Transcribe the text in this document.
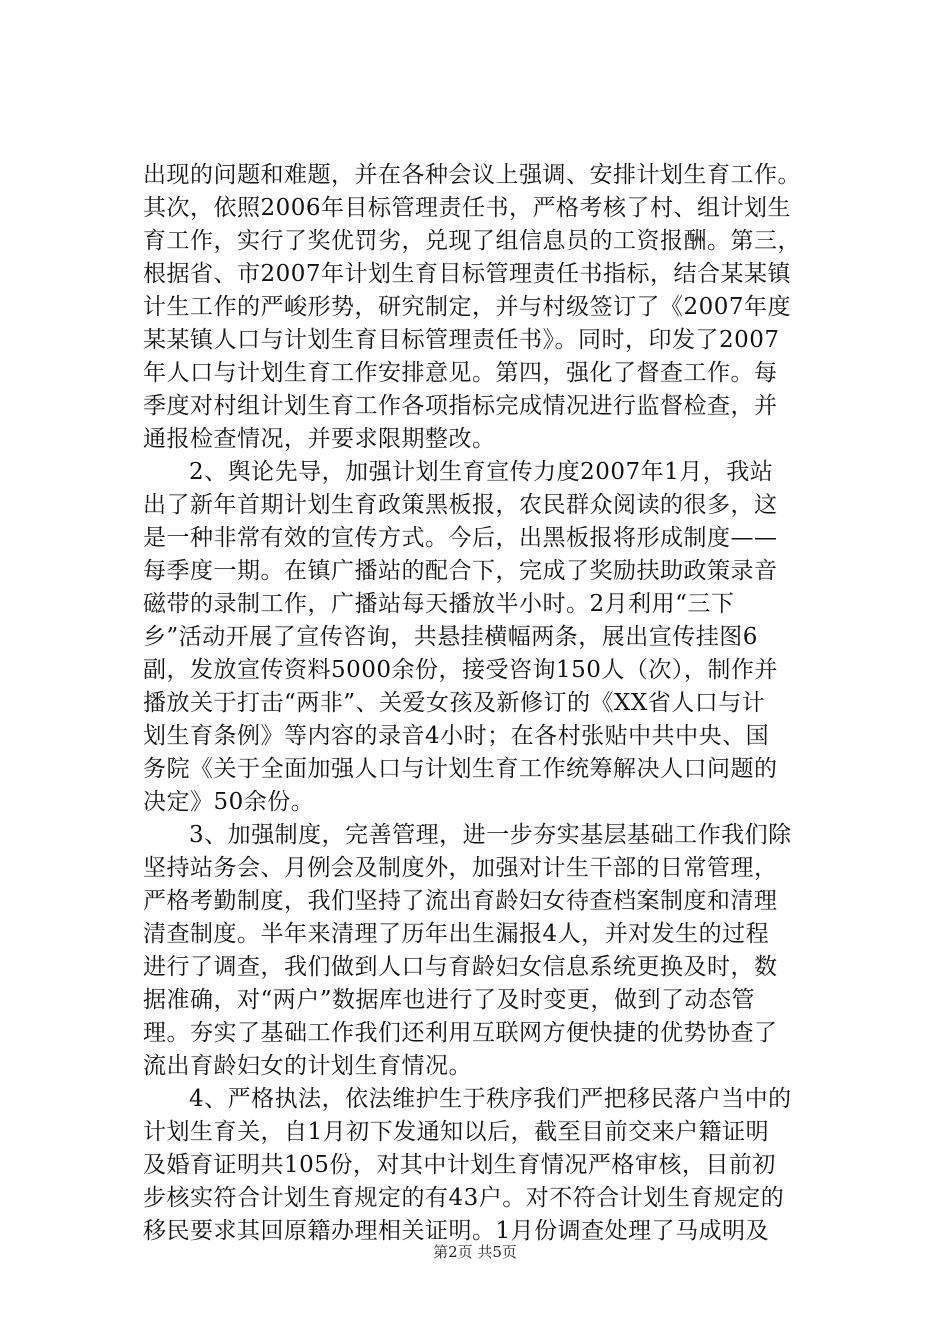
出现的问题和难题，并在各种会议上强调、安排计划生育工作。
其次，依照2006年目标管理责任书，严格考核了村、组计划生
育工作，实行了奖优罚劣，兑现了组信息员的工资报酬。第三，
根据省、市2007年计划生育目标管理责任书指标，结合某某镇
计生工作的严峻形势，研究制定，并与村级签订了《2007年度
某某镇人口与计划生育目标管理责任书》。同时，印发了2007
年人口与计划生育工作安排意见。第四，强化了督查工作。每
季度对村组计划生育工作各项指标完成情况进行监督检查，并
通报检查情况，并要求限期整改。
2、舆论先导，加强计划生育宣传力度2007年1月，我站
出了新年首期计划生育政策黑板报，农民群众阅读的很多，这
是一种非常有效的宣传方式。今后，出黑板报将形成制度——
每季度一期。在镇广播站的配合下，完成了奖励扶助政策录音
磁带的录制工作，广播站每天播放半小时。2月利用“三下
乡”活动开展了宣传咨询，共悬挂横幅两条，展出宣传挂图6
副，发放宣传资料5000余份，接受咨询150人（次），制作并
播放关于打击“两非”、关爱女孩及新修订的《XX省人口与计
划生育条例》等内容的录音4小时；在各村张贴中共中央、国
务院《关于全面加强人口与计划生育工作统筹解决人口问题的
决定》50余份。
3、加强制度，完善管理，进一步夯实基层基础工作我们除
坚持站务会、月例会及制度外，加强对计生干部的日常管理，
严格考勤制度，我们坚持了流出育龄妇女待查档案制度和清理
清查制度。半年来清理了历年出生漏报4人，并对发生的过程
进行了调查，我们做到人口与育龄妇女信息系统更换及时，数
据准确，对“两户”数据库也进行了及时变更，做到了动态管
理。夯实了基础工作我们还利用互联网方便快捷的优势协查了
流出育龄妇女的计划生育情况。
4、严格执法，依法维护生于秩序我们严把移民落户当中的
计划生育关，自1月初下发通知以后，截至目前交来户籍证明
及婚育证明共105份，对其中计划生育情况严格审核，目前初
步核实符合计划生育规定的有43户。对不符合计划生育规定的
移民要求其回原籍办理相关证明。1月份调查处理了马成明及
第2页 共5页
